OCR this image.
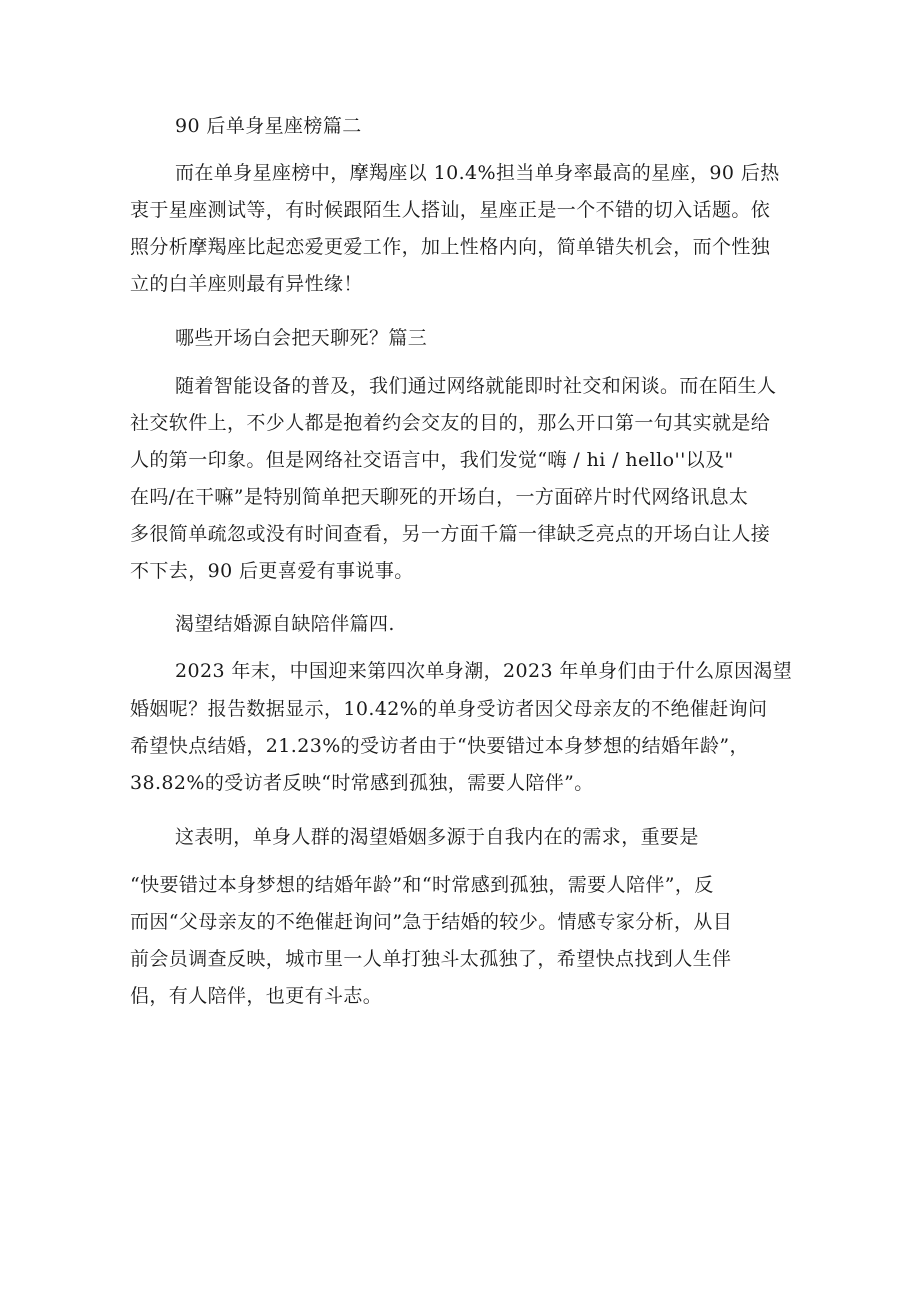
90 后单身星座榜篇二
而在单身星座榜中，摩羯座以 10.4%担当单身率最高的星座，90 后热
衷于星座测试等，有时候跟陌生人搭讪，星座正是一个不错的切入话题。依
照分析摩羯座比起恋爱更爱工作，加上性格内向，简单错失机会，而个性独
立的白羊座则最有异性缘！
哪些开场白会把天聊死？篇三
随着智能设备的普及，我们通过网络就能即时社交和闲谈。而在陌生人
社交软件上，不少人都是抱着约会交友的目的，那么开口第一句其实就是给
人的第一印象。但是网络社交语言中，我们发觉“嗨 / hi / hello''以及"
在吗/在干嘛”是特别简单把天聊死的开场白，一方面碎片时代网络讯息太
多很简单疏忽或没有时间查看，另一方面千篇一律缺乏亮点的开场白让人接
不下去，90 后更喜爱有事说事。
渴望结婚源自缺陪伴篇四.
2023 年末，中国迎来第四次单身潮，2023 年单身们由于什么原因渴望
婚姻呢？报告数据显示，10.42%的单身受访者因父母亲友的不绝催赶询问
希望快点结婚，21.23%的受访者由于“快要错过本身梦想的结婚年龄”，
38.82%的受访者反映“时常感到孤独，需要人陪伴”。
这表明，单身人群的渴望婚姻多源于自我内在的需求，重要是
“快要错过本身梦想的结婚年龄”和“时常感到孤独，需要人陪伴”，反
而因“父母亲友的不绝催赶询问”急于结婚的较少。情感专家分析，从目
前会员调查反映，城市里一人单打独斗太孤独了，希望快点找到人生伴
侣，有人陪伴，也更有斗志。
